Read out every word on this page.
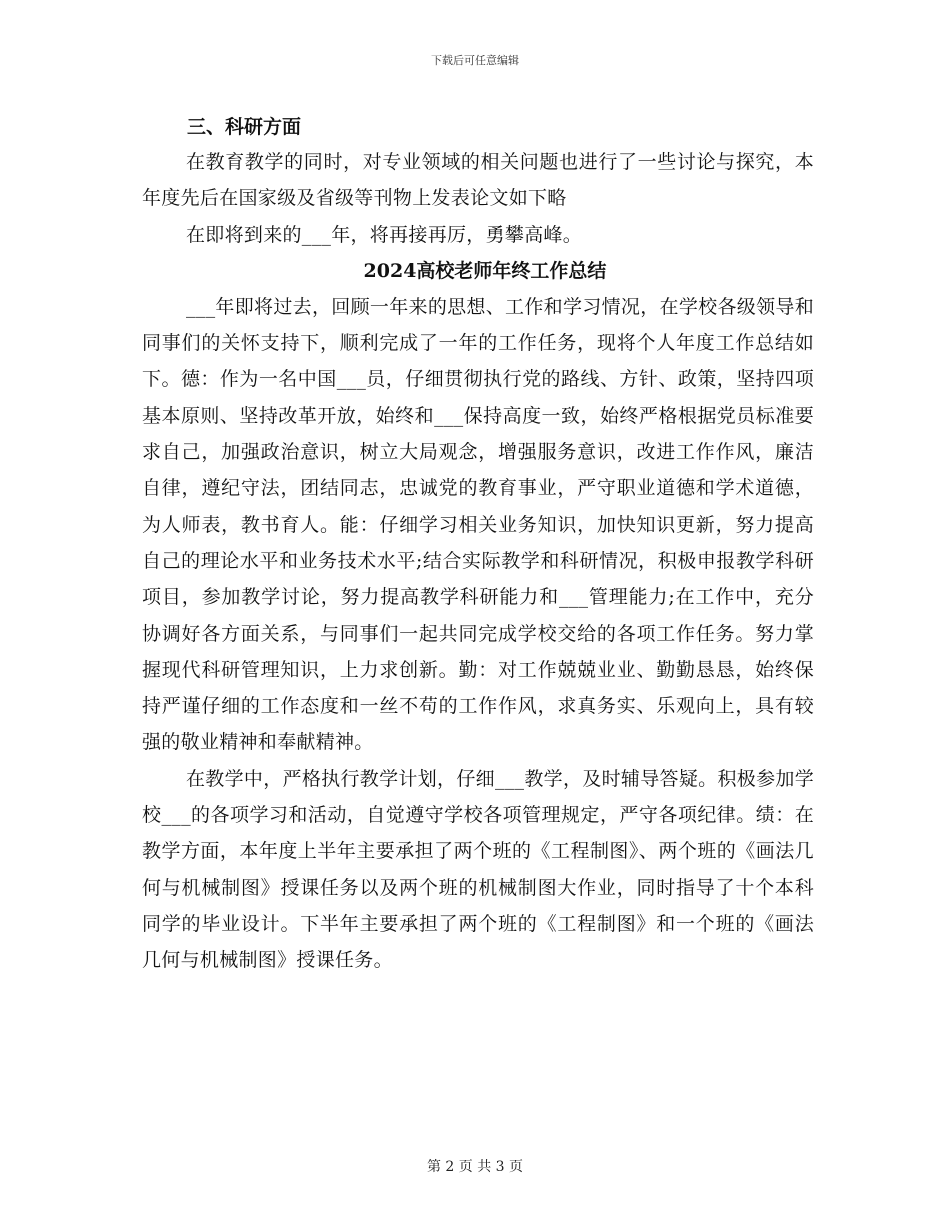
下载后可任意编辑

三、科研方面

在教育教学的同时，对专业领域的相关问题也进行了一些讨论与探究，本年度先后在国家级及省级等刊物上发表论文如下略

在即将到来的___年，将再接再厉，勇攀高峰。

2024高校老师年终工作总结

___年即将过去，回顾一年来的思想、工作和学习情况，在学校各级领导和同事们的关怀支持下，顺利完成了一年的工作任务，现将个人年度工作总结如下。德：作为一名中国___员，仔细贯彻执行党的路线、方针、政策，坚持四项基本原则、坚持改革开放，始终和___保持高度一致，始终严格根据党员标准要求自己，加强政治意识，树立大局观念，增强服务意识，改进工作作风，廉洁自律，遵纪守法，团结同志，忠诚党的教育事业，严守职业道德和学术道德，为人师表，教书育人。能：仔细学习相关业务知识，加快知识更新，努力提高自己的理论水平和业务技术水平;结合实际教学和科研情况，积极申报教学科研项目，参加教学讨论，努力提高教学科研能力和___管理能力;在工作中，充分协调好各方面关系，与同事们一起共同完成学校交给的各项工作任务。努力掌握现代科研管理知识，上力求创新。勤：对工作兢兢业业、勤勤恳恳，始终保持严谨仔细的工作态度和一丝不苟的工作作风，求真务实、乐观向上，具有较强的敬业精神和奉献精神。

在教学中，严格执行教学计划，仔细___教学，及时辅导答疑。积极参加学校___的各项学习和活动，自觉遵守学校各项管理规定，严守各项纪律。绩：在教学方面，本年度上半年主要承担了两个班的《工程制图》、两个班的《画法几何与机械制图》授课任务以及两个班的机械制图大作业，同时指导了十个本科同学的毕业设计。下半年主要承担了两个班的《工程制图》和一个班的《画法几何与机械制图》授课任务。

第 2 页 共 3 页
